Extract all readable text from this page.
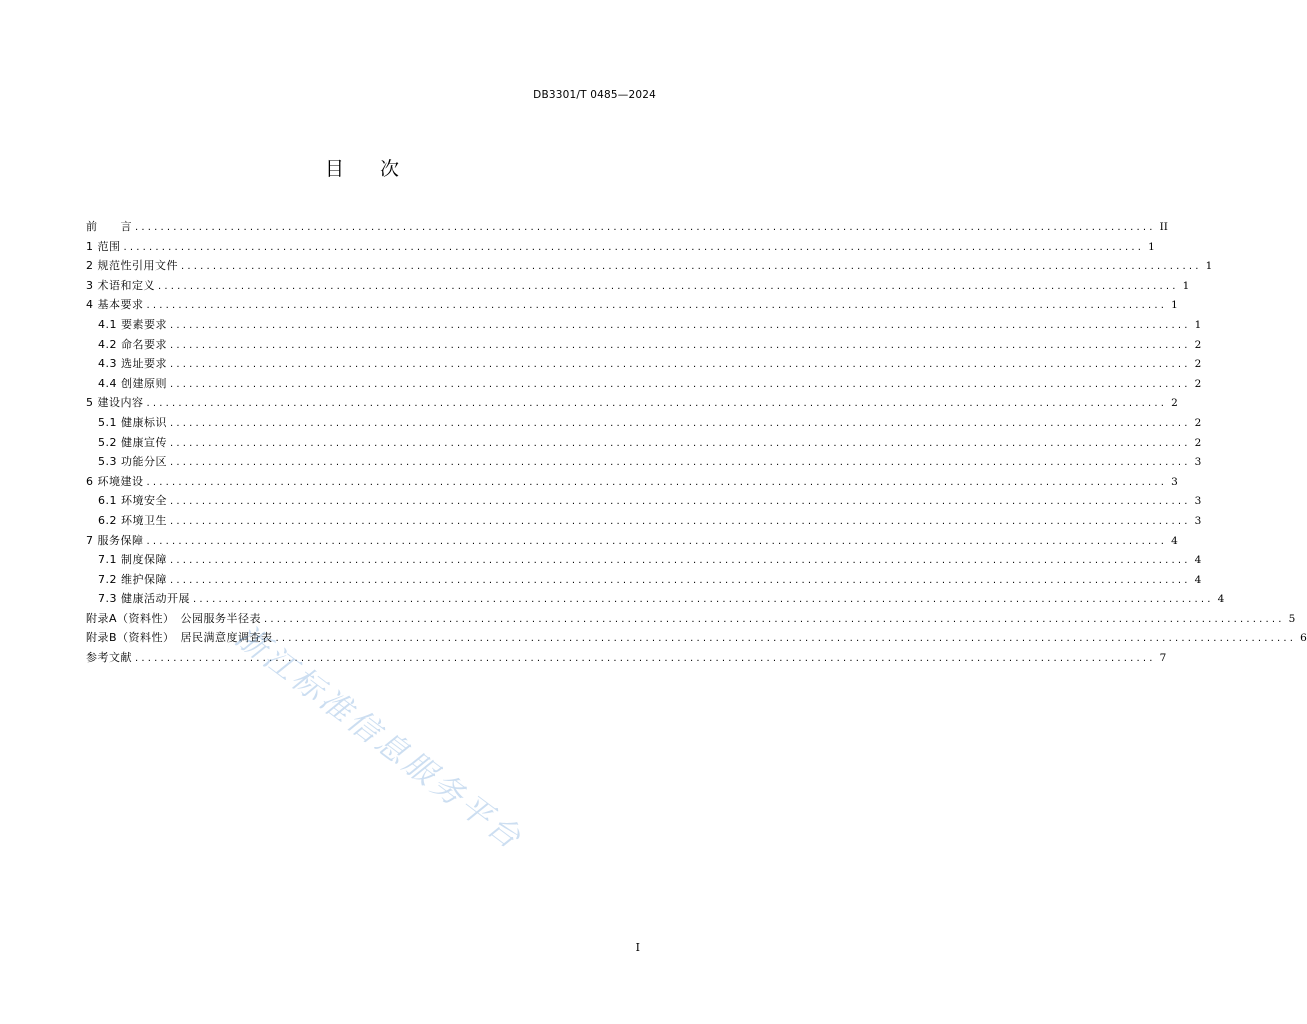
DB3301/T 0485—2024
目 次
前　　言 ................................................................................................................................................................ II
1 范围 ................................................................................................................................................................ 1
2 规范性引用文件 ................................................................................................................................................................ 1
3 术语和定义 ................................................................................................................................................................ 1
4 基本要求 ................................................................................................................................................................ 1
4.1 要素要求 ................................................................................................................................................................ 1
4.2 命名要求 ................................................................................................................................................................ 2
4.3 选址要求 ................................................................................................................................................................ 2
4.4 创建原则 ................................................................................................................................................................ 2
5 建设内容 ................................................................................................................................................................ 2
5.1 健康标识 ................................................................................................................................................................ 2
5.2 健康宣传 ................................................................................................................................................................ 2
5.3 功能分区 ................................................................................................................................................................ 3
6 环境建设 ................................................................................................................................................................ 3
6.1 环境安全 ................................................................................................................................................................ 3
6.2 环境卫生 ................................................................................................................................................................ 3
7 服务保障 ................................................................................................................................................................ 4
7.1 制度保障 ................................................................................................................................................................ 4
7.2 维护保障 ................................................................................................................................................................ 4
7.3 健康活动开展 ................................................................................................................................................................ 4
附录A（资料性）　公园服务半径表 ................................................................................................................................................................ 5
附录B（资料性）　居民满意度调查表 ................................................................................................................................................................ 6
参考文献 ................................................................................................................................................................ 7
浙江标准信息服务平台
I
